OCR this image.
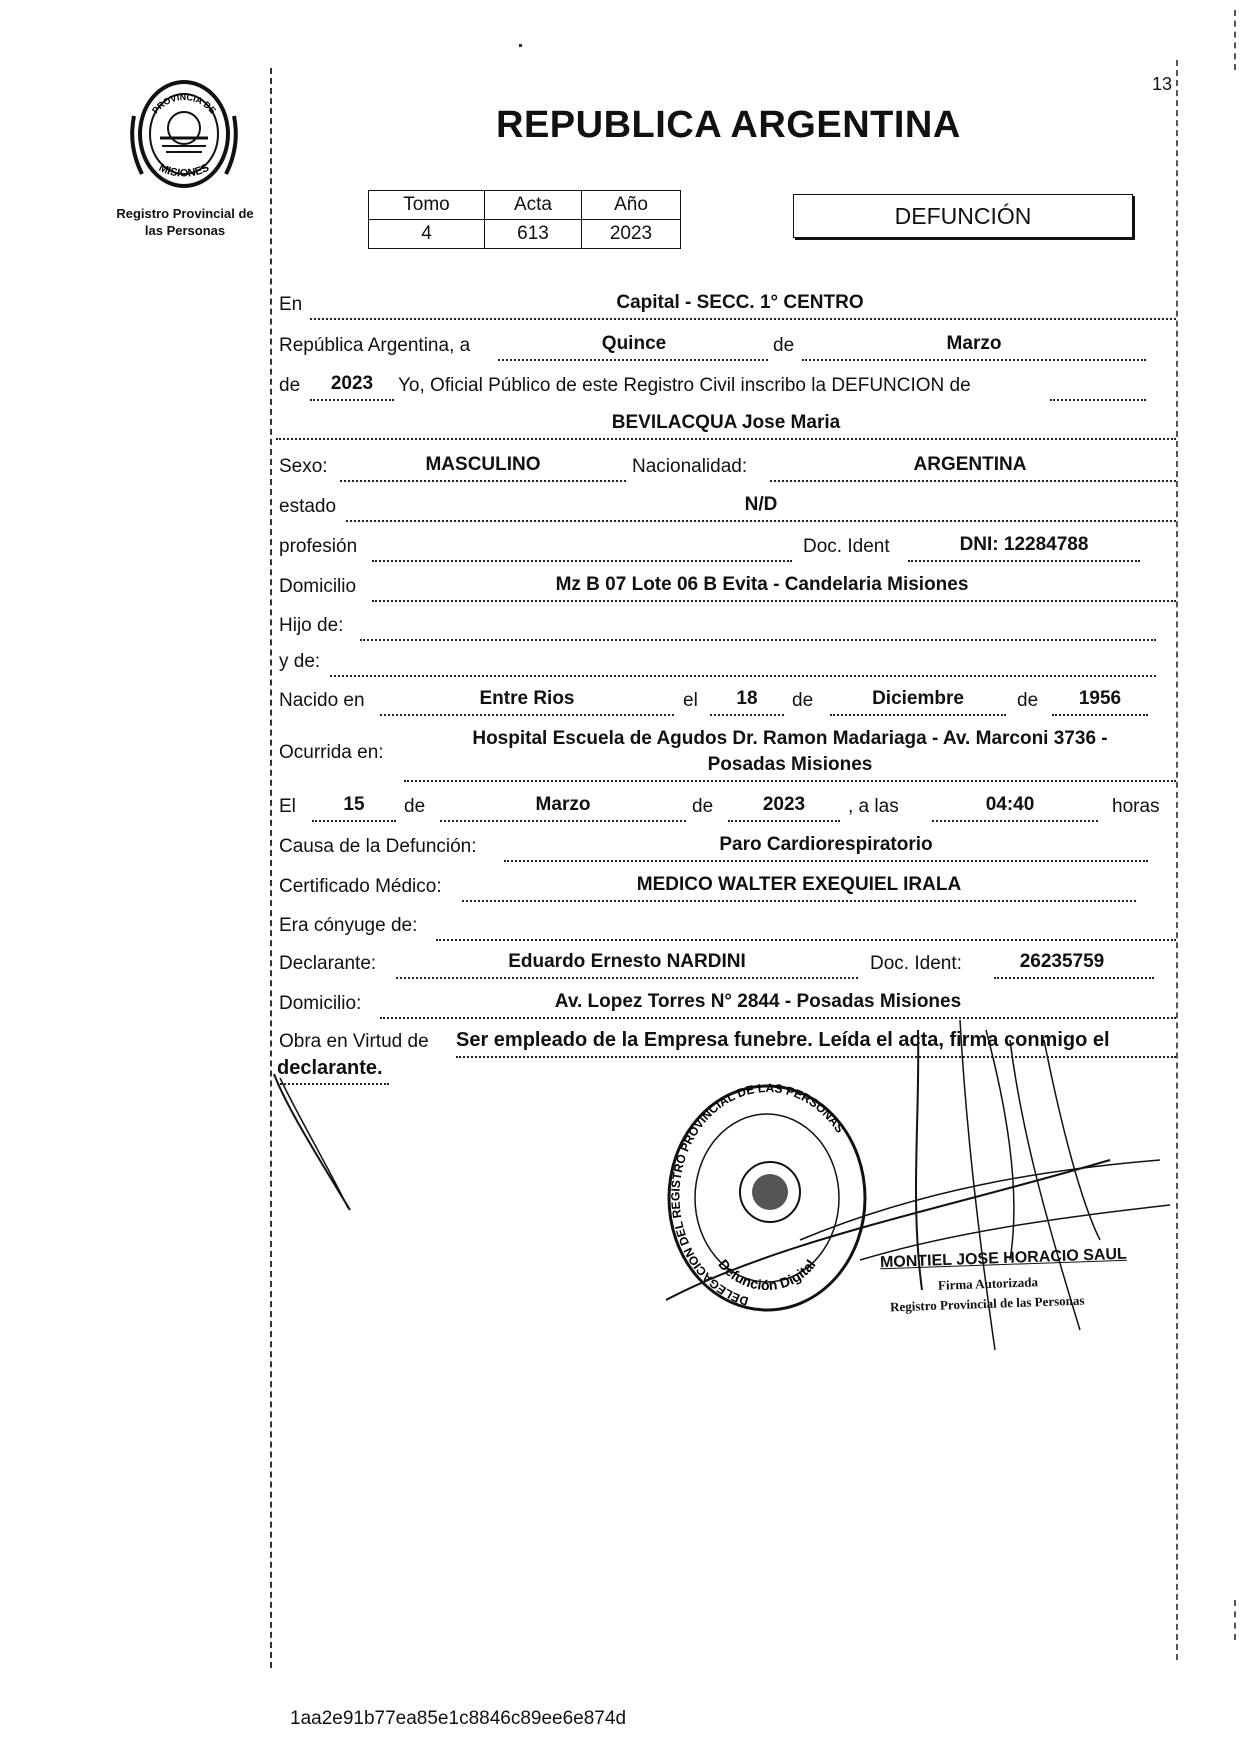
13
PROVINCIA DE
MISIONES
Registro Provincial de
las Personas
REPUBLICA ARGENTINA
Tomo	Acta	Año
4	613	2023
DEFUNCIÓN
En	Capital - SECC. 1° CENTRO
República Argentina, a	Quince	de	Marzo
de	2023	Yo, Oficial Público de este Registro Civil inscribo la DEFUNCION de
BEVILACQUA Jose Maria
Sexo:	MASCULINO	Nacionalidad:	ARGENTINA
estado	N/D
profesión	Doc. Ident	DNI: 12284788
Domicilio	Mz B 07 Lote 06 B Evita - Candelaria Misiones
Hijo de:
y de:
Nacido en	Entre Rios	el	18	de	Diciembre	de	1956
Ocurrida en:
Hospital Escuela de Agudos Dr. Ramon Madariaga - Av. Marconi 3736 -
Posadas Misiones
El	15	de	Marzo	de	2023	, a las	04:40	horas
Causa de la Defunción:	Paro Cardiorespiratorio
Certificado Médico:	MEDICO WALTER EXEQUIEL IRALA
Era cónyuge de:
Declarante:	Eduardo Ernesto NARDINI	Doc. Ident:	26235759
Domicilio:	Av. Lopez Torres N° 2844 - Posadas Misiones
Obra en Virtud de Ser empleado de la Empresa funebre. Leída el acta, firma conmigo el
declarante.
DELEGACION DEL REGISTRO PROVINCIAL DE LAS PERSONAS
Defunción Digital	MONTIEL JOSE HORACIO SAUL
Firma Autorizada
Registro Provincial de las Personas
1aa2e91b77ea85e1c8846c89ee6e874d
